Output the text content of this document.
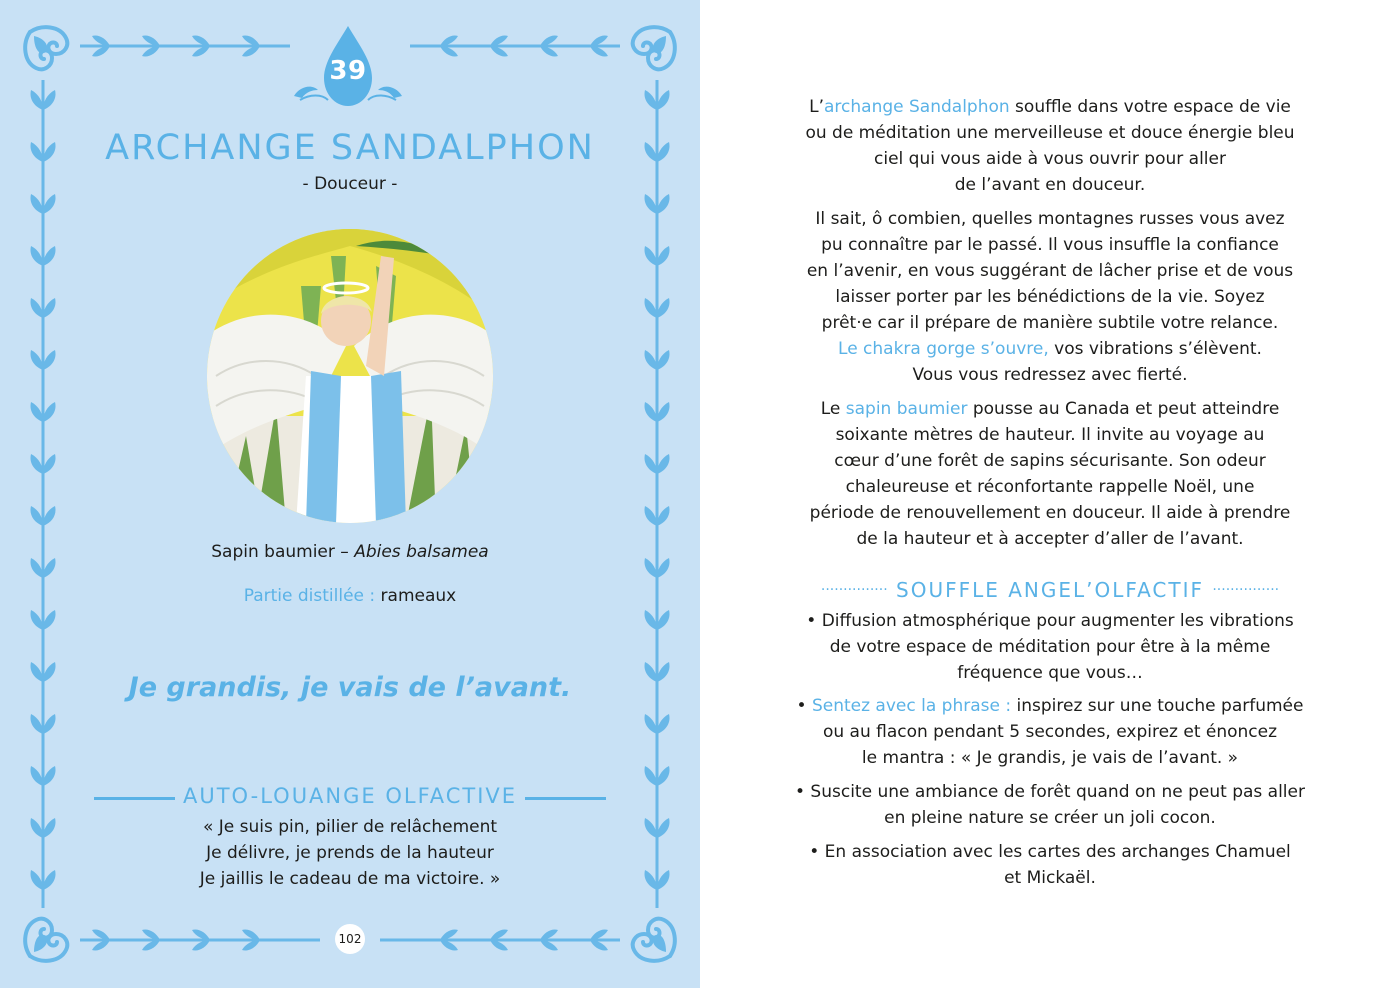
39
ARCHANGE SANDALPHON
- Douceur -
Sapin baumier – Abies balsamea
Partie distillée : rameaux
Je grandis, je vais de l’avant.
AUTO-LOUANGE OLFACTIVE
« Je suis pin, pilier de relâchement
Je délivre, je prends de la hauteur
Je jaillis le cadeau de ma victoire. »
102
L’archange Sandalphon souffle dans votre espace de vie
ou de méditation une merveilleuse et douce énergie bleu
ciel qui vous aide à vous ouvrir pour aller
de l’avant en douceur.
Il sait, ô combien, quelles montagnes russes vous avez
pu connaître par le passé. Il vous insuffle la confiance
en l’avenir, en vous suggérant de lâcher prise et de vous
laisser porter par les bénédictions de la vie. Soyez
prêt·e car il prépare de manière subtile votre relance.
Le chakra gorge s’ouvre, vos vibrations s’élèvent.
Vous vous redressez avec fierté.
Le sapin baumier pousse au Canada et peut atteindre
soixante mètres de hauteur. Il invite au voyage au
cœur d’une forêt de sapins sécurisante. Son odeur
chaleureuse et réconfortante rappelle Noël, une
période de renouvellement en douceur. Il aide à prendre
de la hauteur et à accepter d’aller de l’avant.
··············· SOUFFLE ANGEL’OLFACTIF ···············
• Diffusion atmosphérique pour augmenter les vibrations
de votre espace de méditation pour être à la même
fréquence que vous…
• Sentez avec la phrase : inspirez sur une touche parfumée
ou au flacon pendant 5 secondes, expirez et énoncez
le mantra : « Je grandis, je vais de l’avant. »
• Suscite une ambiance de forêt quand on ne peut pas aller
en pleine nature se créer un joli cocon.
• En association avec les cartes des archanges Chamuel
et Mickaël.
